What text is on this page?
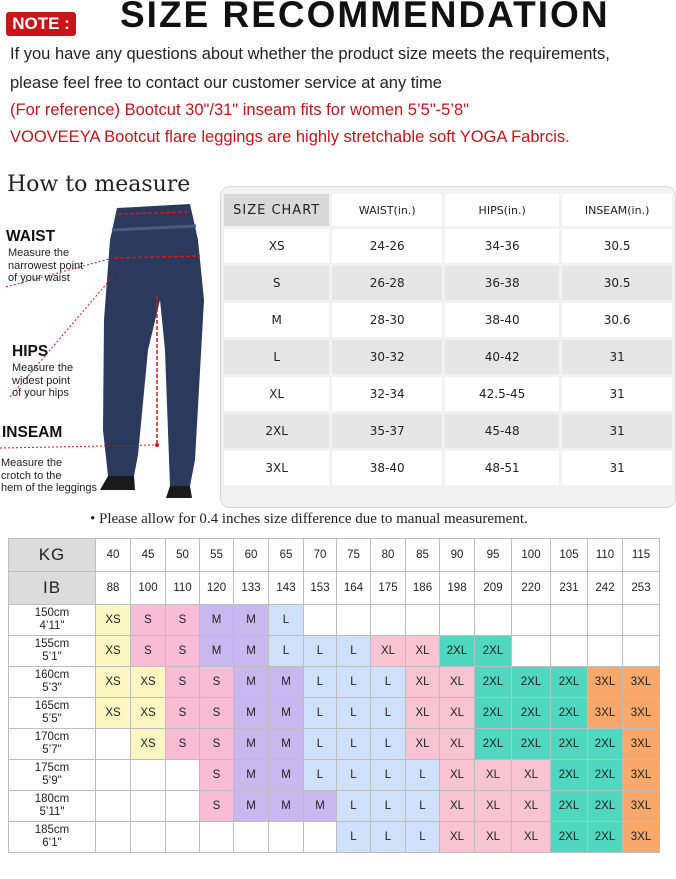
NOTE : SIZE RECOMMENDATION
If you have any questions about whether the product size meets the requirements,
please feel free to contact our customer service at any time
(For reference) Bootcut 30"/31" inseam fits for women 5’5"-5’8"
VOOVEEYA Bootcut flare leggings are highly stretchable soft YOGA Fabrcis.
How to measure
WAIST
Measure the
narrowest point
of your waist
HIPS
Measure the
widest point
of your hips
INSEAM
Measure the
crotch to the
hem of the leggings
SIZE CHART	WAIST(in.)	HIPS(in.)	INSEAM(in.)
XS	24-26	34-36	30.5
S	26-28	36-38	30.5
M	28-30	38-40	30.6
L	30-32	40-42	31
XL	32-34	42.5-45	31
2XL	35-37	45-48	31
3XL	38-40	48-51	31
• Please allow for 0.4 inches size difference due to manual measurement.
KG	40	45	50	55	60	65	70	75	80	85	90	95	100	105	110	115
IB	88	100	110	120	133	143	153	164	175	186	198	209	220	231	242	253

150cm
4’11"	XS	S	S	M	M	L										

155cm
5’1"	XS	S	S	M	M	L	L	L	XL	XL	2XL	2XL				

160cm
5’3"	XS	XS	S	S	M	M	L	L	L	XL	XL	2XL	2XL	2XL	3XL	3XL

165cm
5’5"	XS	XS	S	S	M	M	L	L	L	XL	XL	2XL	2XL	2XL	3XL	3XL

170cm
5’7"		XS	S	S	M	M	L	L	L	XL	XL	2XL	2XL	2XL	2XL	3XL

175cm
5’9"				S	M	M	L	L	L	L	XL	XL	XL	2XL	2XL	3XL

180cm
5’11"				S	M	M	M	L	L	L	XL	XL	XL	2XL	2XL	3XL

185cm
6’1"								L	L	L	XL	XL	XL	2XL	2XL	3XL
